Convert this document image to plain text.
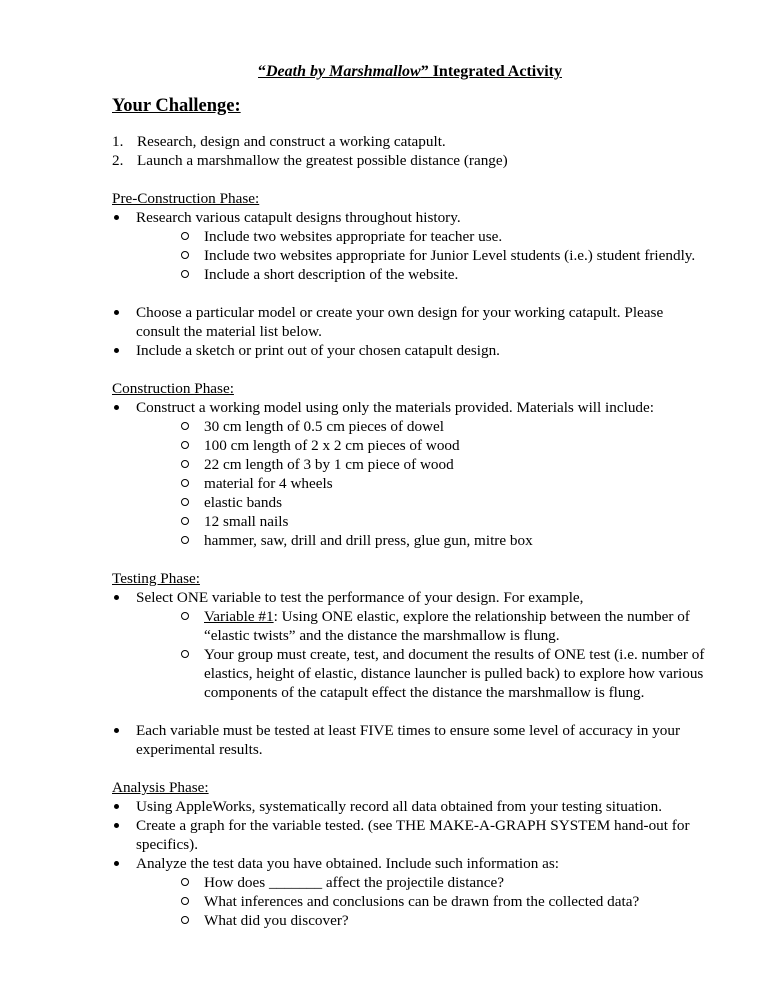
“Death by Marshmallow” Integrated Activity
Your Challenge:
1. Research, design and construct a working catapult.
2. Launch a marshmallow the greatest possible distance (range)
Pre-Construction Phase:
Research various catapult designs throughout history.
Include two websites appropriate for teacher use.
Include two websites appropriate for Junior Level students (i.e.) student friendly.
Include a short description of the website.
Choose a particular model or create your own design for your working catapult. Please consult the material list below.
Include a sketch or print out of your chosen catapult design.
Construction Phase:
Construct a working model using only the materials provided. Materials will include:
30 cm length of 0.5 cm pieces of dowel
100 cm length of 2 x 2 cm pieces of wood
22 cm length of 3 by 1 cm piece of wood
material for 4 wheels
elastic bands
12 small nails
hammer, saw, drill and drill press, glue gun, mitre box
Testing Phase:
Select ONE variable to test the performance of your design. For example,
Variable #1: Using ONE elastic, explore the relationship between the number of “elastic twists” and the distance the marshmallow is flung.
Your group must create, test, and document the results of ONE test (i.e. number of elastics, height of elastic, distance launcher is pulled back) to explore how various components of the catapult effect the distance the marshmallow is flung.
Each variable must be tested at least FIVE times to ensure some level of accuracy in your experimental results.
Analysis Phase:
Using AppleWorks, systematically record all data obtained from your testing situation.
Create a graph for the variable tested. (see THE MAKE-A-GRAPH SYSTEM hand-out for specifics).
Analyze the test data you have obtained. Include such information as:
How does _______ affect the projectile distance?
What inferences and conclusions can be drawn from the collected data?
What did you discover?
